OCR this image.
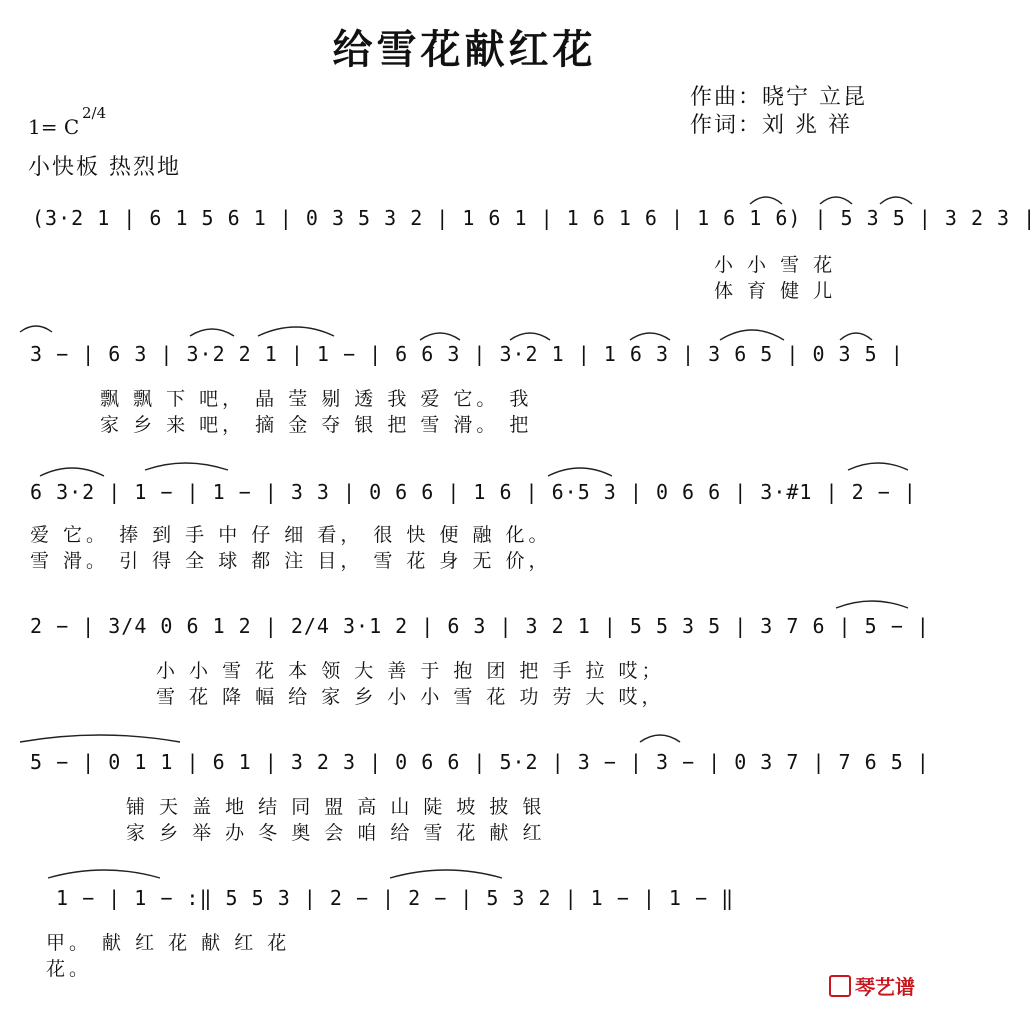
给雪花献红花
作曲：晓宁 立昆
作词：刘 兆 祥
1= C
2/4
小快板 热烈地
(3·2 1 | 6 1 5 6 1 | 0 3 5 3 2 | 1 6 1 | 1 6 1 6 | 1 6 1 6) | 5 3 5 | 3 2 3 |
小 小 雪 花
体 育 健 儿
3 − | 6 3 | 3·2 2 1 | 1 − | 6 6 3 | 3·2 1 | 1 6 3 | 3 6 5 | 0 3 5 |
飘 飘 下 吧， 晶 莹 剔 透 我 爱 它。 我
家 乡 来 吧， 摘 金 夺 银 把 雪 滑。 把
6 3·2 | 1 − | 1 − | 3 3 | 0 6 6 | 1 6 | 6·5 3 | 0 6 6 | 3·#1 | 2 − |
爱 它。 捧 到 手 中 仔 细 看， 很 快 便 融 化。
雪 滑。 引 得 全 球 都 注 目， 雪 花 身 无 价，
2 − | 3/4 0 6 1 2 | 2/4 3·1 2 | 6 3 | 3 2 1 | 5 5 3 5 | 3 7 6 | 5 − |
小 小 雪 花 本 领 大 善 于 抱 团 把 手 拉 哎；
雪 花 降 幅 给 家 乡 小 小 雪 花 功 劳 大 哎，
5 − | 0 1 1 | 6 1 | 3 2 3 | 0 6 6 | 5·2 | 3 − | 3 − | 0 3 7 | 7 6 5 |
铺 天 盖 地 结 同 盟 高 山 陡 坡 披 银
家 乡 举 办 冬 奥 会 咱 给 雪 花 献 红
1 − | 1 − :‖ 5 5 3 | 2 − | 2 − | 5 3 2 | 1 − | 1 − ‖
甲。 献 红 花 献 红 花
花。
琴艺谱
